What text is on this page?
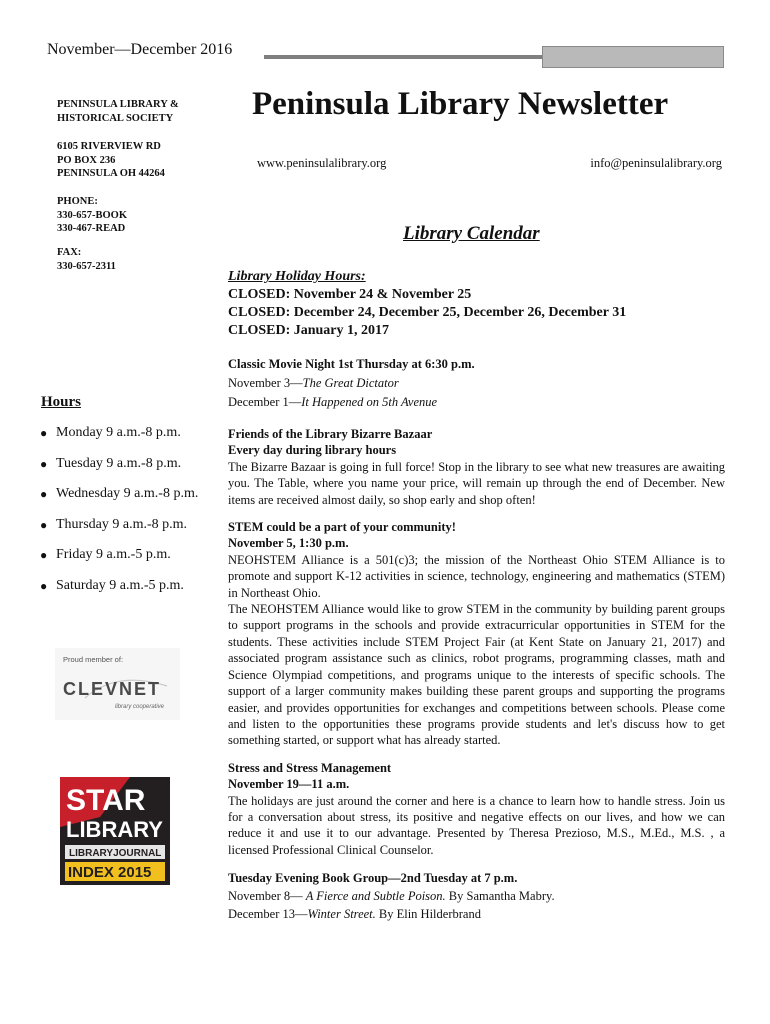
November—December 2016
Peninsula Library Newsletter
www.peninsulalibrary.org	info@peninsulalibrary.org
PENINSULA LIBRARY &
HISTORICAL SOCIETY
6105 RIVERVIEW RD
PO BOX 236
PENINSULA OH 44264
PHONE:
330-657-BOOK
330-467-READ
FAX:
330-657-2311
Hours
● Monday 9 a.m.-8 p.m.
● Tuesday 9 a.m.-8 p.m.
● Wednesday 9 a.m.-8 p.m.
● Thursday 9 a.m.-8 p.m.
● Friday 9 a.m.-5 p.m.
● Saturday 9 a.m.-5 p.m.
Proud member of:
CLEVNET
library cooperative
STAR
LIBRARY
LIBRARYJOURNAL
INDEX 2015
Library Calendar

Library Holiday Hours:

CLOSED: November 24 & November 25

CLOSED: December 24, December 25, December 26, December 31

CLOSED: January 1, 2017

Classic Movie Night 1st Thursday at 6:30 p.m.

November 3—The Great Dictator

December 1—It Happened on 5th Avenue

Friends of the Library Bizarre Bazaar

Every day during library hours

The Bizarre Bazaar is going in full force! Stop in the library to see what new treasures are awaiting you. The Table, where you name your price, will remain up through the end of December. New items are received almost daily, so shop early and shop often!

STEM could be a part of your community!

November 5, 1:30 p.m.

NEOHSTEM Alliance is a 501(c)3; the mission of the Northeast Ohio STEM Alliance is to promote and support K-12 activities in science, technology, engineering and mathematics (STEM) in Northeast Ohio.

The NEOHSTEM Alliance would like to grow STEM in the community by building parent groups to support programs in the schools and provide extracurricular opportunities in STEM for the students. These activities include STEM Project Fair (at Kent State on January 21, 2017) and associated program assistance such as clinics, robot programs, programming classes, math and Science Olympiad competitions, and programs unique to the interests of specific schools. The support of a larger community makes building these parent groups and supporting the programs easier, and provides opportunities for exchanges and competitions between schools. Please come and listen to the opportunities these programs provide students and let's discuss how to get something started, or support what has already started.

Stress and Stress Management

November 19—11 a.m.

The holidays are just around the corner and here is a chance to learn how to handle stress. Join us for a conversation about stress, its positive and negative effects on our lives, and how we can reduce it and use it to our advantage. Presented by Theresa Prezioso, M.S., M.Ed., M.S. , a licensed Professional Clinical Counselor.

Tuesday Evening Book Group—2nd Tuesday at 7 p.m.

November 8— A Fierce and Subtle Poison. By Samantha Mabry.

December 13—Winter Street. By Elin Hilderbrand
